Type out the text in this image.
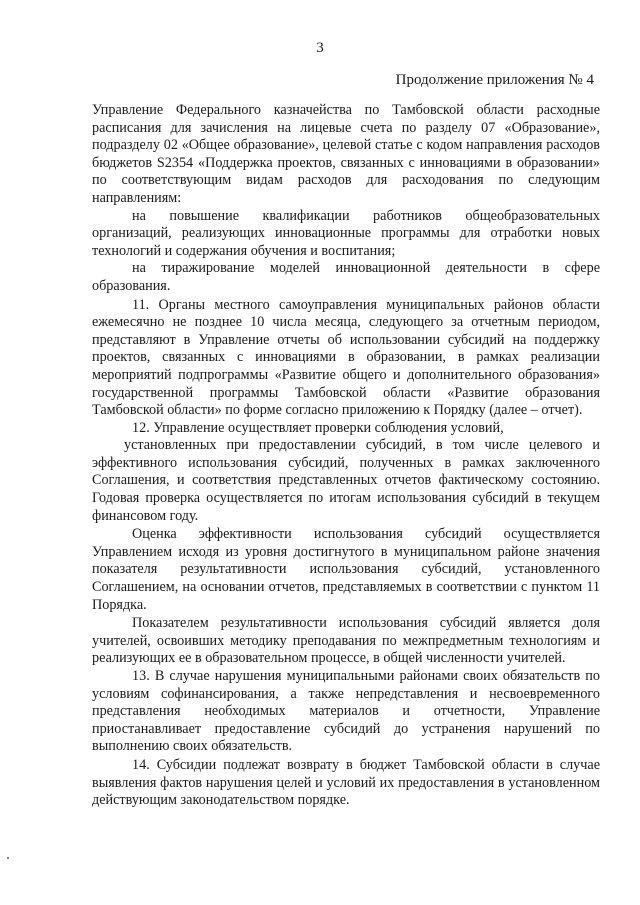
3
Продолжение приложения № 4

Управление Федерального казначейства по Тамбовской области расходные расписания для зачисления на лицевые счета по разделу 07 «Образование», подразделу 02 «Общее образование», целевой статье с кодом направления расходов бюджетов S2354 «Поддержка проектов, связанных с инновациями в образовании» по соответствующим видам расходов для расходования по следующим направлениям:

на повышение квалификации работников общеобразовательных организаций, реализующих инновационные программы для отработки новых технологий и содержания обучения и воспитания;

на тиражирование моделей инновационной деятельности в сфере образования.

11. Органы местного самоуправления муниципальных районов области ежемесячно не позднее 10 числа месяца, следующего за отчетным периодом, представляют в Управление отчеты об использовании субсидий на поддержку проектов, связанных с инновациями в образовании, в рамках реализации мероприятий подпрограммы «Развитие общего и дополнительного образования» государственной программы Тамбовской области «Развитие образования Тамбовской области» по форме согласно приложению к Порядку (далее – отчет).

12. Управление осуществляет проверки соблюдения условий,

установленных при предоставлении субсидий, в том числе целевого и эффективного использования субсидий, полученных в рамках заключенного Соглашения, и соответствия представленных отчетов фактическому состоянию. Годовая проверка осуществляется по итогам использования субсидий в текущем финансовом году.

Оценка эффективности использования субсидий осуществляется Управлением исходя из уровня достигнутого в муниципальном районе значения показателя результативности использования субсидий, установленного Соглашением, на основании отчетов, представляемых в соответствии с пунктом 11 Порядка.

Показателем результативности использования субсидий является доля учителей, освоивших методику преподавания по межпредметным технологиям и реализующих ее в образовательном процессе, в общей численности учителей.

13. В случае нарушения муниципальными районами своих обязательств по условиям софинансирования, а также непредставления и несвоевременного представления необходимых материалов и отчетности, Управление приостанавливает предоставление субсидий до устранения нарушений по выполнению своих обязательств.

14. Субсидии подлежат возврату в бюджет Тамбовской области в случае выявления фактов нарушения целей и условий их предоставления в установленном действующим законодательством порядке.
